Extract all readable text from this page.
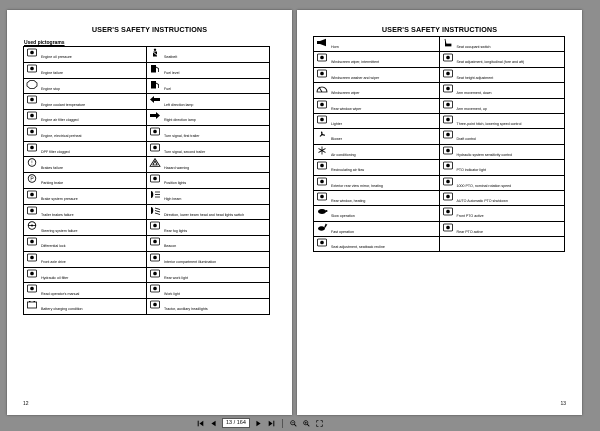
USER'S SAFETY INSTRUCTIONS
Used pictograms
Engine oil pressure	Seatbelt
Engine failure	Fuel level
Engine stop	Fuel
Engine coolant temperature	Left direction lamp
Engine air filter clogged	Right direction lamp
Engine, electrical preheat	Turn signal, first trailer
DPF filter clogged	Turn signal, second trailer
!
Brakes failure	Hazard warning
P
Parking brake	Position lights
Brake system pressure	High beam
Trailer brakes failure	Direction, lower beam head and head lights switch
Steering system failure	Rear fog lights
Differential lock	Beacon
Front axle drive	Interior compartment illumination
Hydraulic oil filter	Rear work light
Read operator's manual	Work light
Battery charging condition	Tractor, auxiliary headlights
12
USER'S SAFETY INSTRUCTIONS
Horn	Seat occupant switch
Windscreen wiper, intermittent	Seat adjustment, longitudinal (fore and aft)
Windscreen washer and wiper	Seat height adjustment
Windscreen wiper	Arm movement, down
Rear window wiper	Arm movement, up
Lighter	Three-point hitch, lowering speed control
Blower	Draft control
Air conditioning	Hydraulic system sensitivity control
Recirculating air flow	PTO indicator light
Exterior rear view mirror, heating	1000 PTO, nominal rotation speed
Rear window, heating	AUTO Automatic PTO shutdown
Slow operation	Front PTO active
Fast operation	Rear PTO active
Seat adjustment, seatback recline
13
13 / 164
